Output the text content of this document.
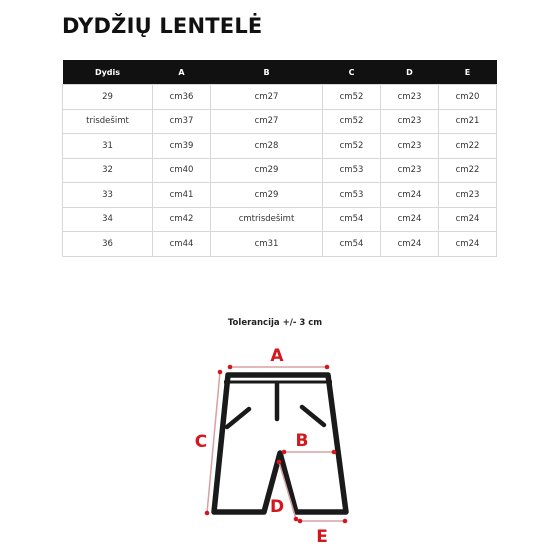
DYDŽIŲ LENTELĖ
Dydis	A	B	C	D	E
29	cm36	cm27	cm52	cm23	cm20
trisdešimt	cm37	cm27	cm52	cm23	cm21
31	cm39	cm28	cm52	cm23	cm22
32	cm40	cm29	cm53	cm23	cm22
33	cm41	cm29	cm53	cm24	cm23
34	cm42	cmtrisdešimt	cm54	cm24	cm24
36	cm44	cm31	cm54	cm24	cm24
Tolerancija +/- 3 cm
A
B
C
D
E
